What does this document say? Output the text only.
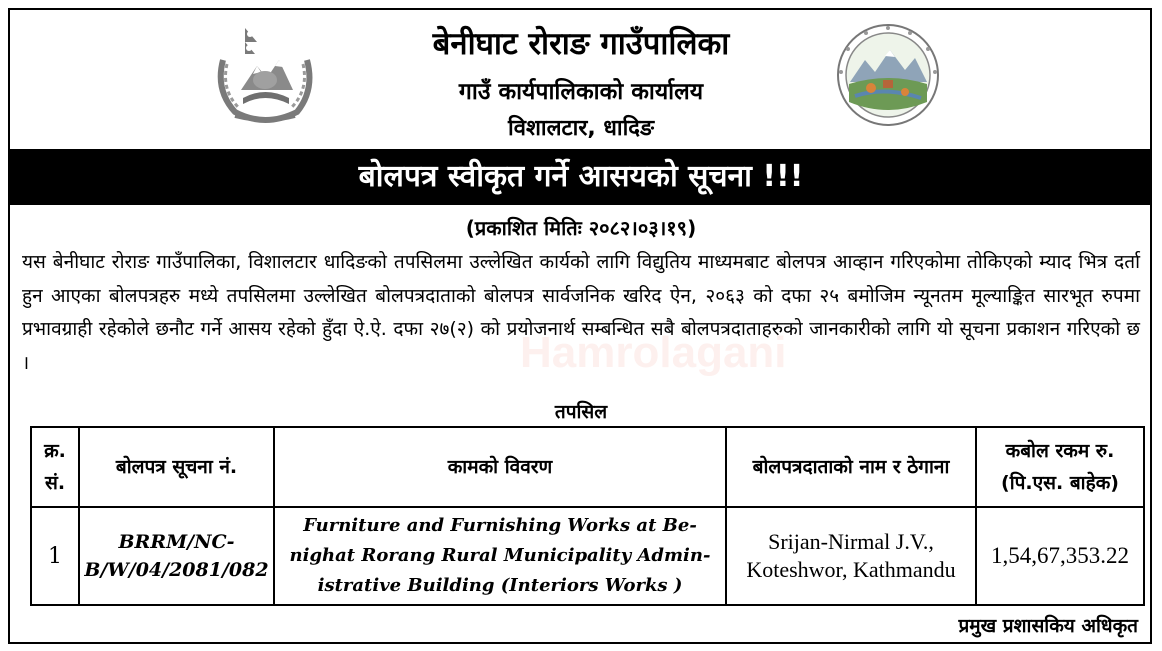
बेनीघाट रोराङ गाउँपालिका
गाउँ कार्यपालिकाको कार्यालय
विशालटार, धादिङ
बोलपत्र स्वीकृत गर्ने आसयको सूचना !!!
(प्रकाशित मितिः २०८२।०३।१९)
यस बेनीघाट रोराङ गाउँपालिका, विशालटार धादिङको तपसिलमा उल्लेखित कार्यको लागि विद्युतिय माध्यमबाट बोलपत्र आव्हान गरिएकोमा तोकिएको म्याद भित्र दर्ता हुन आएका बोलपत्रहरु मध्ये तपसिलमा उल्लेखित बोलपत्रदाताको बोलपत्र सार्वजनिक खरिद ऐन, २०६३ को दफा २५ बमोजिम न्यूनतम मूल्याङ्कित सारभूत रुपमा प्रभावग्राही रहेकोले छनौट गर्ने आसय रहेको हुँदा ऐ.ऐ. दफा २७(२) को प्रयोजनार्थ सम्बन्धित सबै बोलपत्रदाताहरुको जानकारीको लागि यो सूचना प्रकाशन गरिएको छ ।	Hamrolagani
तपसिल
क्र. सं.	बोलपत्र सूचना नं.	कामको विवरण	बोलपत्रदाताको नाम र ठेगाना	कबोल रकम रु. (पि.एस. बाहेक)
1	BRRM/NC-B/W/04/2081/082	Furniture and Furnishing Works at Be-nighat Rorang Rural Municipality Admin-istrative Building (Interiors Works )	Srijan-Nirmal J.V., Koteshwor, Kathmandu	1,54,67,353.22
प्रमुख प्रशासकिय अधिकृत
